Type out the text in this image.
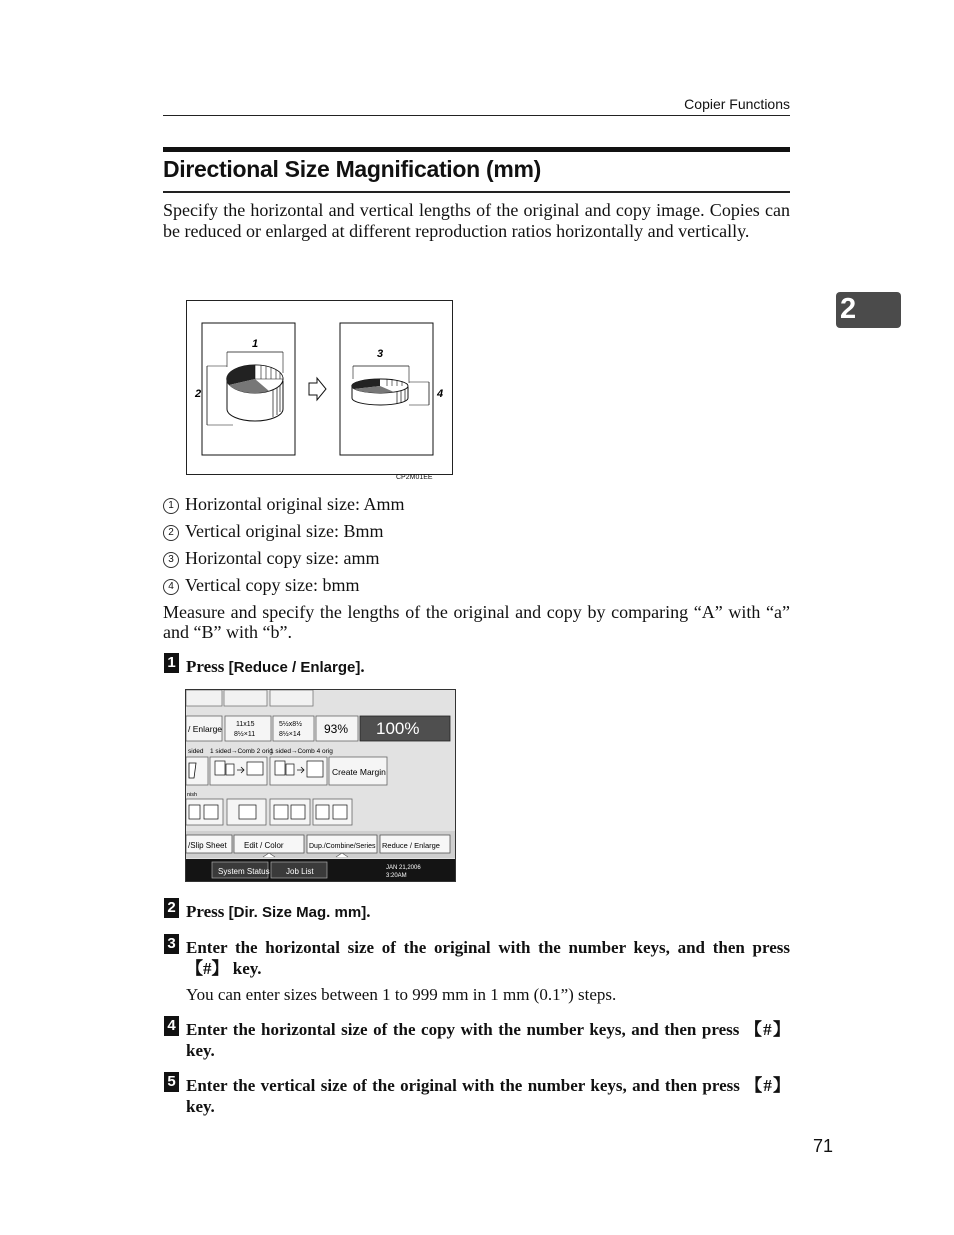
Copier Functions
2
Directional Size Magnification (mm)
Specify the horizontal and vertical lengths of the original and copy image. Copies can be reduced or enlarged at different reproduction ratios horizontally and vertically.
1
2
3
4
CP2M01EE
1 Horizontal original size: Amm
2 Vertical original size: Bmm
3 Horizontal copy size: amm
4 Vertical copy size: bmm
Measure and specify the lengths of the original and copy by comparing “A” with “a” and “B” with “b”.
1 Press [Reduce / Enlarge].
/ Enlarge 11x15
8½×11
5½x8½
8½×14 93% 100%
sided 1 sided→Comb 2 orig
1 sided→Comb 4 orig
Create Margin
nish
/Slip Sheet Edit / Color	Dup./Combine/Series Reduce / Enlarge
System Status Job List	JAN 21,2006
3:20AM
2 Press [Dir. Size Mag. mm].
3 Enter the horizontal size of the original with the number keys, and then press 【#】 key.
You can enter sizes between 1 to 999 mm in 1 mm (0.1”) steps.
4 Enter the horizontal size of the copy with the number keys, and then press 【#】 key.
5 Enter the vertical size of the original with the number keys, and then press 【#】 key.
71
